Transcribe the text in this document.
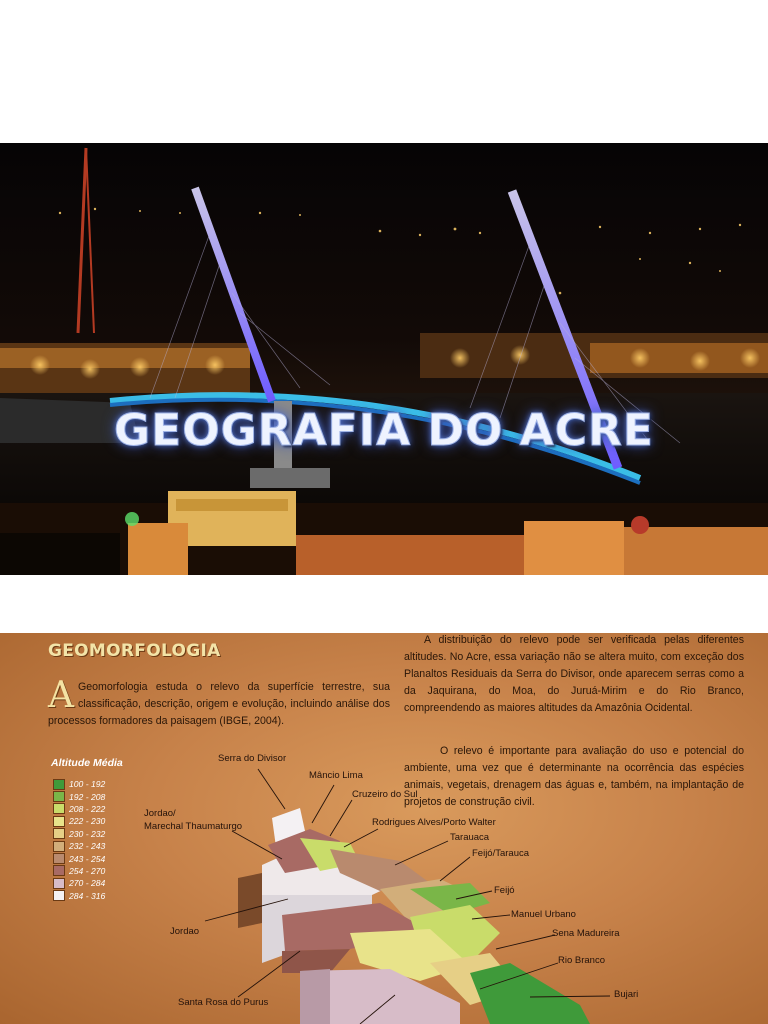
GEOGRAFIA DO ACRE
GEOMORFOLOGIA
A Geomorfologia estuda o relevo da superfície terrestre, sua classificação, descrição, origem e evolução, incluindo análise dos processos formadores da paisagem (IBGE, 2004).
A distribuição do relevo pode ser verificada pelas diferentes altitudes. No Acre, essa variação não se altera muito, com exceção dos Planaltos Residuais da Serra do Divisor, onde aparecem serras como a da Jaquirana, do Moa, do Juruá-Mirim e do Rio Branco, compreendendo as maiores altitudes da Amazônia Ocidental.
O relevo é importante para avaliação do uso e potencial do ambiente, uma vez que é determinante na ocorrência das espécies animais, vegetais, drenagem das águas e, também, na implantação de projetos de construção civil.
Altitude Média
100 - 192
192 - 208
208 - 222
222 - 230
230 - 232
232 - 243
243 - 254
254 - 270
270 - 284
284 - 316
Serra do Divisor
Mâncio Lima
Cruzeiro do Sul
Jordao/
Marechal Thaumaturgo	Rodrigues Alves/Porto Walter
Tarauaca
Feijó/Tarauca
Feijó
Manuel Urbano
Sena Madureira
Jordao
Rio Branco
Bujari
Santa Rosa do Purus
